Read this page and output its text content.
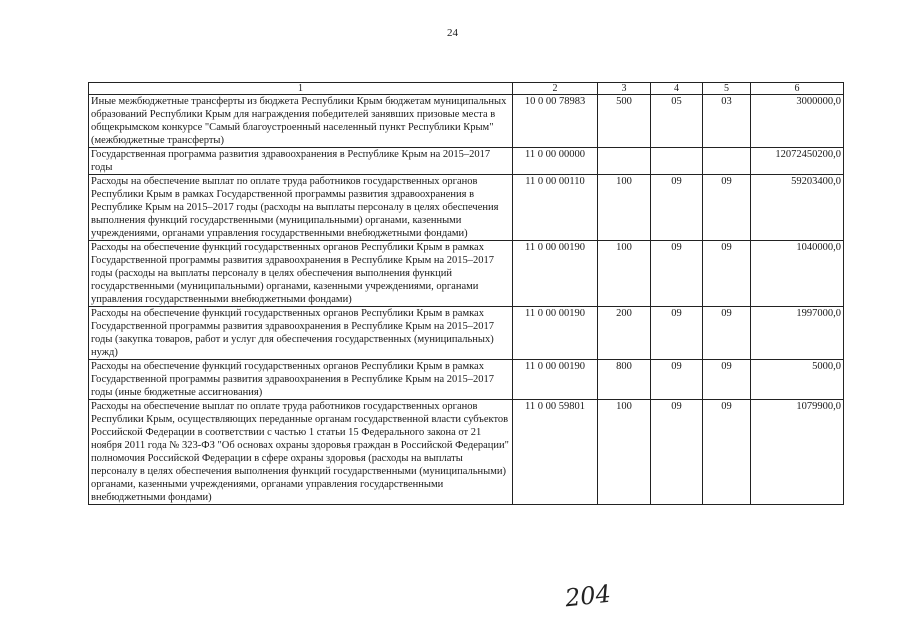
24
1	2	3	4	5	6
Иные межбюджетные трансферты из бюджета Республики Крым бюджетам муниципальных образований Республики Крым для награждения победителей занявших призовые места в общекрымском конкурсе "Самый благоустроенный населенный пункт Республики Крым" (межбюджетные трансферты)	10 0 00 78983	500	05	03	3000000,0
Государственная программа развития здравоохранения в Республике Крым на 2015–2017 годы	11 0 00 00000				12072450200,0
Расходы на обеспечение выплат по оплате труда работников государственных органов Республики Крым в рамках Государственной программы развития здравоохранения в Республике Крым на 2015–2017 годы (расходы на выплаты персоналу в целях обеспечения выполнения функций государственными (муниципальными) органами, казенными учреждениями, органами управления государственными внебюджетными фондами)	11 0 00 00110	100	09	09	59203400,0
Расходы на обеспечение функций государственных органов Республики Крым в рамках Государственной программы развития здравоохранения в Республике Крым на 2015–2017 годы (расходы на выплаты персоналу в целях обеспечения выполнения функций государственными (муниципальными) органами, казенными учреждениями, органами управления государственными внебюджетными фондами)	11 0 00 00190	100	09	09	1040000,0
Расходы на обеспечение функций государственных органов Республики Крым в рамках Государственной программы развития здравоохранения в Республике Крым на 2015–2017 годы (закупка товаров, работ и услуг для обеспечения государственных (муниципальных) нужд)	11 0 00 00190	200	09	09	1997000,0
Расходы на обеспечение функций государственных органов Республики Крым в рамках Государственной программы развития здравоохранения в Республике Крым на 2015–2017 годы (иные бюджетные ассигнования)	11 0 00 00190	800	09	09	5000,0
Расходы на обеспечение выплат по оплате труда работников государственных органов Республики Крым, осуществляющих переданные органам государственной власти субъектов Российской Федерации в соответствии с частью 1 статьи 15 Федерального закона от 21 ноября 2011 года № 323-ФЗ "Об основах охраны здоровья граждан в Российской Федерации" полномочия Российской Федерации в сфере охраны здоровья (расходы на выплаты персоналу в целях обеспечения выполнения функций государственными (муниципальными) органами, казенными учреждениями, органами управления государственными внебюджетными фондами)	11 0 00 59801	100	09	09	1079900,0
204
